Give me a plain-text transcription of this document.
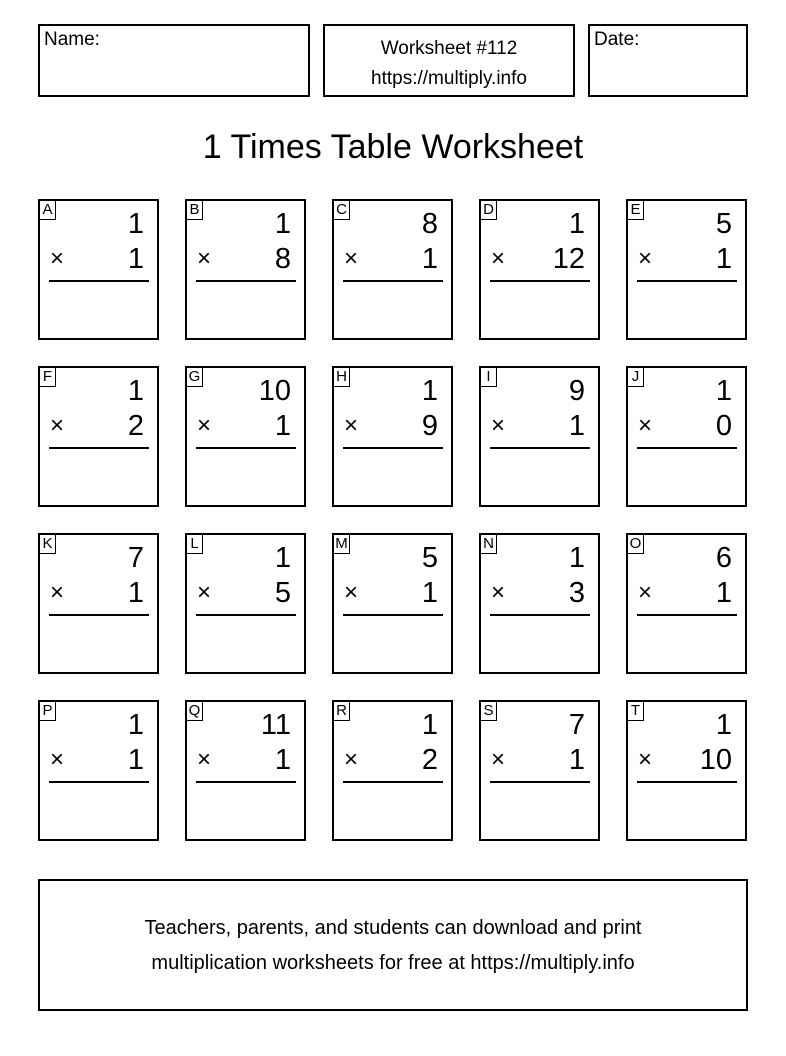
Name:	Worksheet #112
https://multiply.info
Date:
1 Times Table Worksheet
A	1
× 1
B	1
× 8
C	8
× 1
D	1
× 12
E	5
× 1
F	1
× 2
G 10
× 1
H	1
× 9
I	9
× 1
J	1
× 0
K	7
× 1
L	1
× 5
M	5
× 1
N	1
× 3
O	6
× 1
P	1
× 1
Q 11
× 1
R	1
× 2
S	7
× 1
T	1
× 10
Teachers, parents, and students can download and print
multiplication worksheets for free at https://multiply.info
